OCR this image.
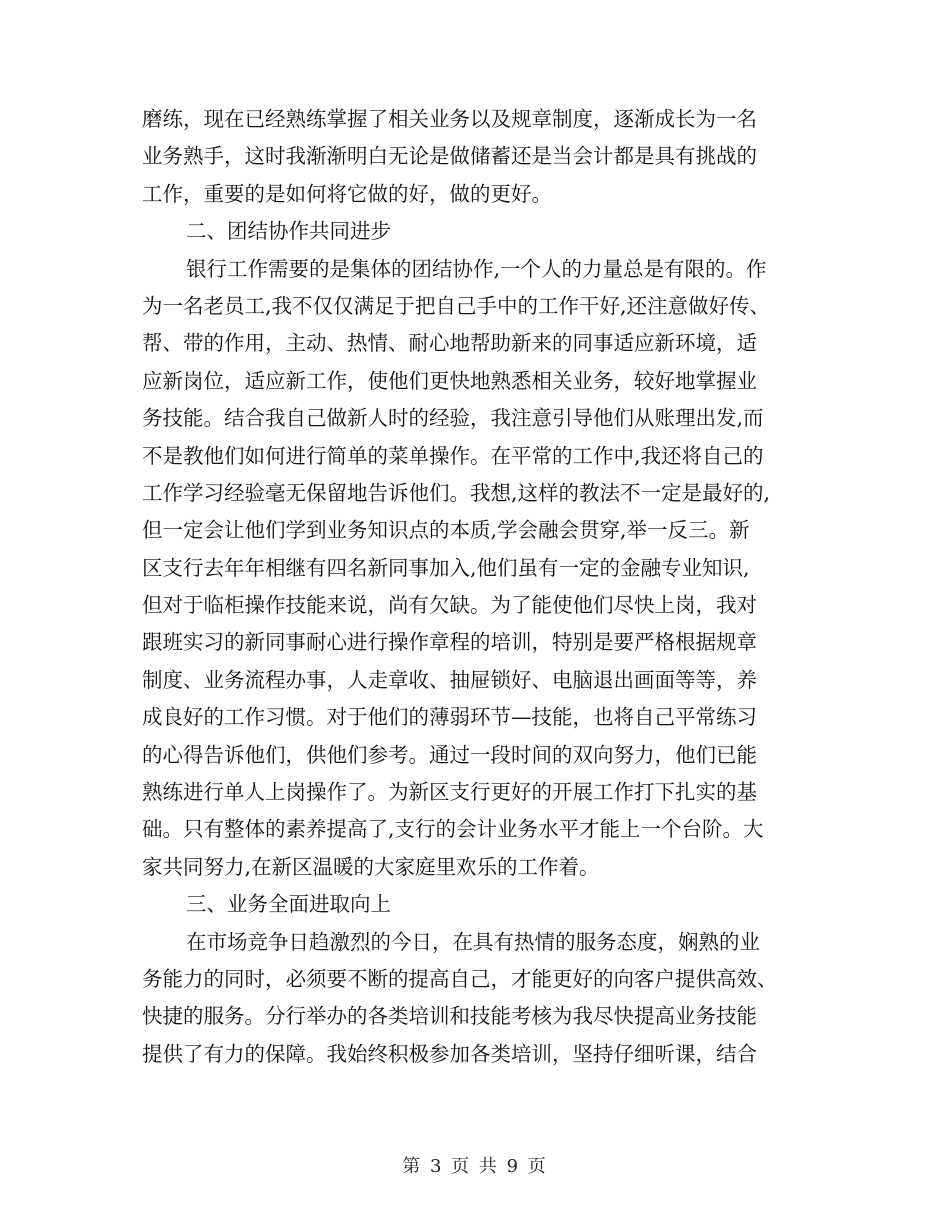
磨练，现在已经熟练掌握了相关业务以及规章制度，逐渐成长为一名
业务熟手，这时我渐渐明白无论是做储蓄还是当会计都是具有挑战的
工作，重要的是如何将它做的好，做的更好。
二、团结协作共同进步
银行工作需要的是集体的团结协作,一个人的力量总是有限的。作
为一名老员工,我不仅仅满足于把自己手中的工作干好,还注意做好传、
帮、带的作用，主动、热情、耐心地帮助新来的同事适应新环境，适
应新岗位，适应新工作，使他们更快地熟悉相关业务，较好地掌握业
务技能。结合我自己做新人时的经验，我注意引导他们从账理出发,而
不是教他们如何进行简单的菜单操作。在平常的工作中,我还将自己的
工作学习经验毫无保留地告诉他们。我想,这样的教法不一定是最好的,
但一定会让他们学到业务知识点的本质,学会融会贯穿,举一反三。新
区支行去年年相继有四名新同事加入,他们虽有一定的金融专业知识,
但对于临柜操作技能来说，尚有欠缺。为了能使他们尽快上岗，我对
跟班实习的新同事耐心进行操作章程的培训，特别是要严格根据规章
制度、业务流程办事，人走章收、抽屉锁好、电脑退出画面等等，养
成良好的工作习惯。对于他们的薄弱环节—技能，也将自己平常练习
的心得告诉他们，供他们参考。通过一段时间的双向努力，他们已能
熟练进行单人上岗操作了。为新区支行更好的开展工作打下扎实的基
础。只有整体的素养提高了,支行的会计业务水平才能上一个台阶。大
家共同努力,在新区温暖的大家庭里欢乐的工作着。
三、业务全面进取向上
在市场竞争日趋激烈的今日，在具有热情的服务态度，娴熟的业
务能力的同时，必须要不断的提高自己，才能更好的向客户提供高效、
快捷的服务。分行举办的各类培训和技能考核为我尽快提高业务技能
提供了有力的保障。我始终积极参加各类培训，坚持仔细听课，结合
第 3 页 共 9 页
